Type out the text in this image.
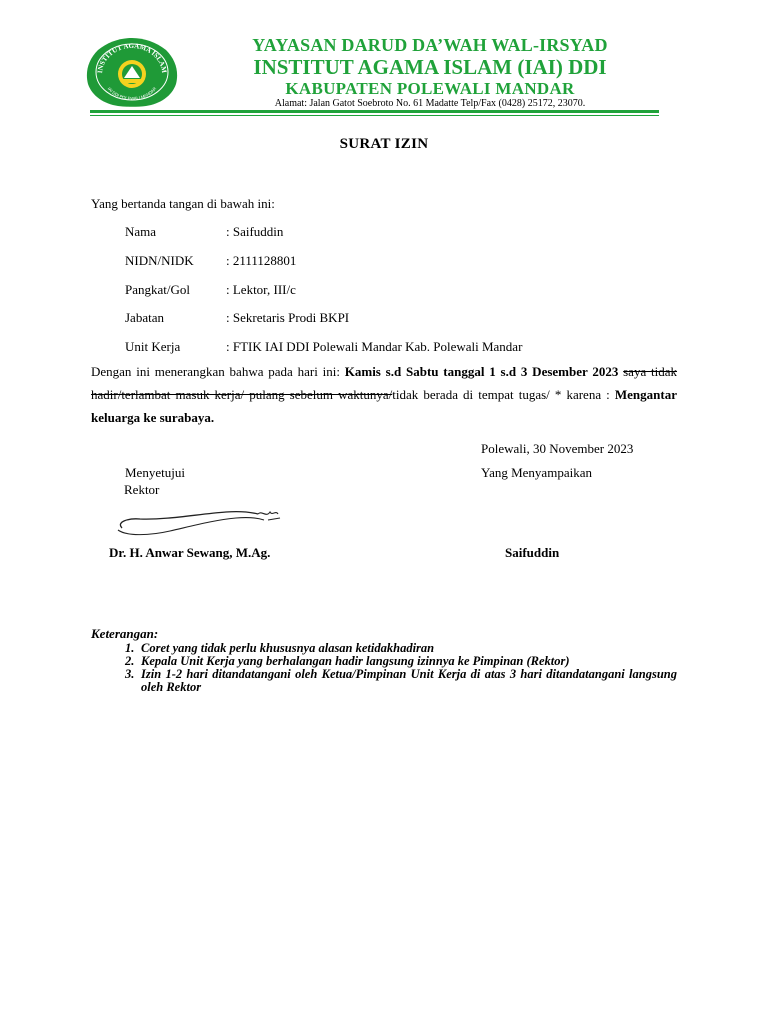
INSTITUT AGAMA ISLAM
IAI DDI POLEWALI MANDAR
YAYASAN DARUD DA’WAH WAL-IRSYAD
INSTITUT AGAMA ISLAM (IAI) DDI
KABUPATEN POLEWALI MANDAR
Alamat: Jalan Gatot Soebroto No. 61 Madatte Telp/Fax (0428) 25172, 23070.
SURAT IZIN
Yang bertanda tangan di bawah ini:
Nama	: Saifuddin
NIDN/NIDK : 2111128801
Pangkat/Gol	: Lektor, III/c
Jabatan	: Sekretaris Prodi BKPI
Unit Kerja	: FTIK IAI DDI Polewali Mandar Kab. Polewali Mandar
Dengan ini menerangkan bahwa pada hari ini: Kamis s.d Sabtu tanggal 1 s.d 3 Desember 2023 saya tidak hadir/terlambat masuk kerja/ pulang sebelum waktunya/tidak berada di tempat tugas/ * karena : Mengantar keluarga ke surabaya.
Polewali, 30 November 2023
Menyetujui
Rektor
Yang Menyampaikan
Dr. H. Anwar Sewang, M.Ag.	Saifuddin
Keterangan:
1. Coret yang tidak perlu khususnya alasan ketidakhadiran
2. Kepala Unit Kerja yang berhalangan hadir langsung izinnya ke Pimpinan (Rektor)
3. Izin 1-2 hari ditandatangani oleh Ketua/Pimpinan Unit Kerja di atas 3 hari ditandatangani langsung oleh Rektor
